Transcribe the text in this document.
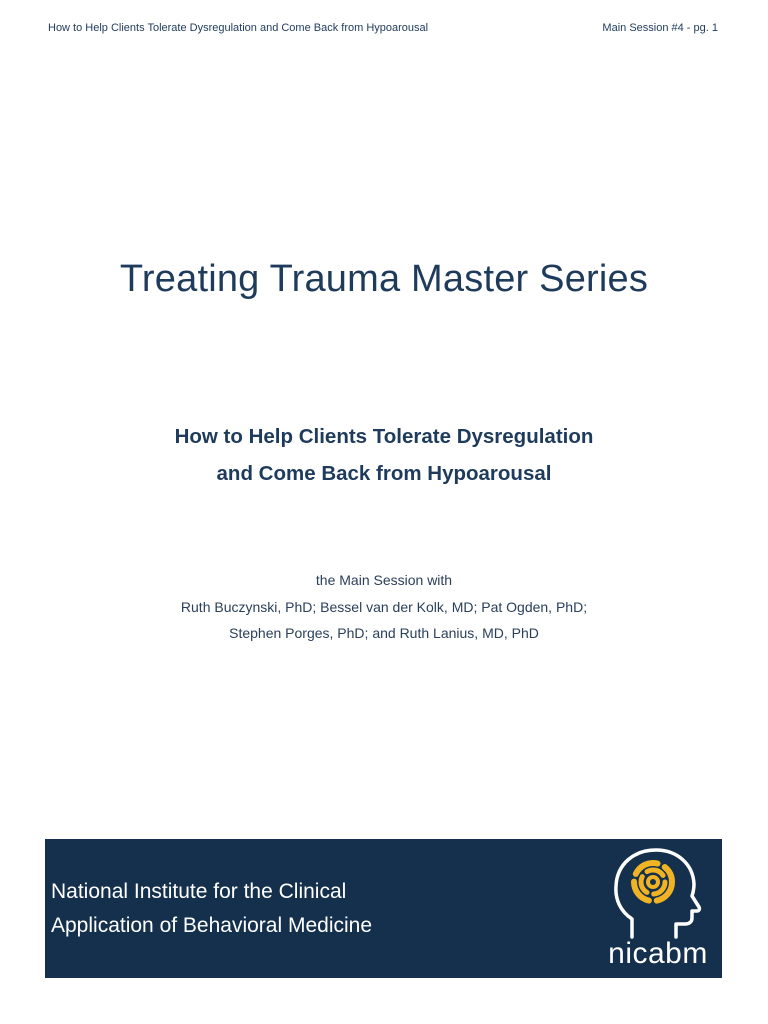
How to Help Clients Tolerate Dysregulation and Come Back from Hypoarousal	Main Session #4 - pg. 1
Treating Trauma Master Series
How to Help Clients Tolerate Dysregulation
and Come Back from Hypoarousal
the Main Session with
Ruth Buczynski, PhD; Bessel van der Kolk, MD; Pat Ogden, PhD;
Stephen Porges, PhD; and Ruth Lanius, MD, PhD
National Institute for the Clinical
Application of Behavioral Medicine
nicabm
